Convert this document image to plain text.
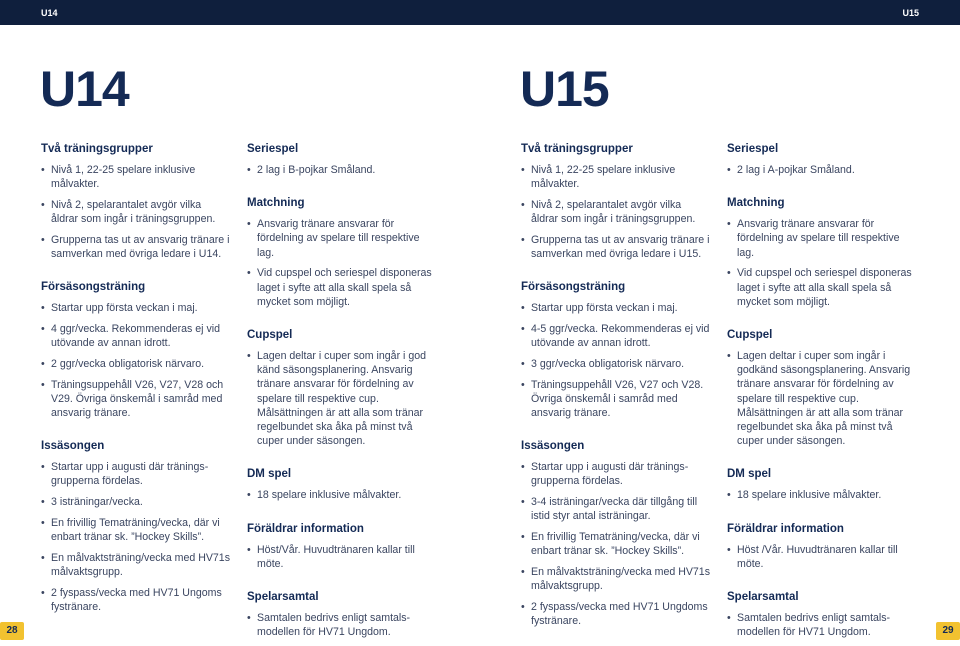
U14	U15
U14	U15
Två träningsgrupper
• Nivå 1, 22-25 spelare inklusive målvakter.
• Nivå 2, spelarantalet avgör vilka åldrar som ingår i träningsgruppen.
• Grupperna tas ut av ansvarig tränare i samverkan med övriga ledare i U14.
Försäsongsträning
• Startar upp första veckan i maj.
• 4 ggr/vecka. Rekommenderas ej vid utövande av annan idrott.
• 2 ggr/vecka obligatorisk närvaro.
• Träningsuppehåll V26, V27, V28 och V29. Övriga önskemål i samråd med ansvarig tränare.
Issäsongen
• Startar upp i augusti där tränings-grupperna fördelas.
• 3 isträningar/vecka.
• En frivillig Tematräning/vecka, där vi enbart tränar sk. ”Hockey Skills”.
• En målvaktsträning/vecka med HV71s målvaktsgrupp.
• 2 fyspass/vecka med HV71 Ungoms fystränare.
Seriespel
• 2 lag i B-pojkar Småland.
Matchning
• Ansvarig tränare ansvarar för fördelning av spelare till respektive lag.
• Vid cupspel och seriespel disponeras laget i syfte att alla skall spela så mycket som möjligt.
Cupspel
• Lagen deltar i cuper som ingår i god känd säsongsplanering. Ansvarig tränare ansvarar för fördelning av spelare till respektive cup. Målsättningen är att alla som tränar regelbundet ska åka på minst två cuper under säsongen.
DM spel
• 18 spelare inklusive målvakter.
Föräldrar information
• Höst/Vår. Huvudtränaren kallar till möte.
Spelarsamtal
• Samtalen bedrivs enligt samtals-modellen för HV71 Ungdom.
Två träningsgrupper
• Nivå 1, 22-25 spelare inklusive målvakter.
• Nivå 2, spelarantalet avgör vilka åldrar som ingår i träningsgruppen.
• Grupperna tas ut av ansvarig tränare i samverkan med övriga ledare i U15.
Försäsongsträning
• Startar upp första veckan i maj.
• 4-5 ggr/vecka. Rekommenderas ej vid utövande av annan idrott.
• 3 ggr/vecka obligatorisk närvaro.
• Träningsuppehåll V26, V27 och V28. Övriga önskemål i samråd med ansvarig tränare.
Issäsongen
• Startar upp i augusti där tränings-grupperna fördelas.
• 3-4 isträningar/vecka där tillgång till istid styr antal isträningar.
• En frivillig Tematräning/vecka, där vi enbart tränar sk. ”Hockey Skills”.
• En målvaktsträning/vecka med HV71s målvaktsgrupp.
• 2 fyspass/vecka med HV71 Ungdoms fystränare.
Seriespel
• 2 lag i A-pojkar Småland.
Matchning
• Ansvarig tränare ansvarar för fördelning av spelare till respektive lag.
• Vid cupspel och seriespel disponeras laget i syfte att alla skall spela så mycket som möjligt.
Cupspel
• Lagen deltar i cuper som ingår i godkänd säsongsplanering. Ansvarig tränare ansvarar för fördelning av spelare till respektive cup. Målsättningen är att alla som tränar regelbundet ska åka på minst två cuper under säsongen.
DM spel
• 18 spelare inklusive målvakter.
Föräldrar information
• Höst /Vår. Huvudtränaren kallar till möte.
Spelarsamtal
• Samtalen bedrivs enligt samtals-modellen för HV71 Ungdom.
28	29
